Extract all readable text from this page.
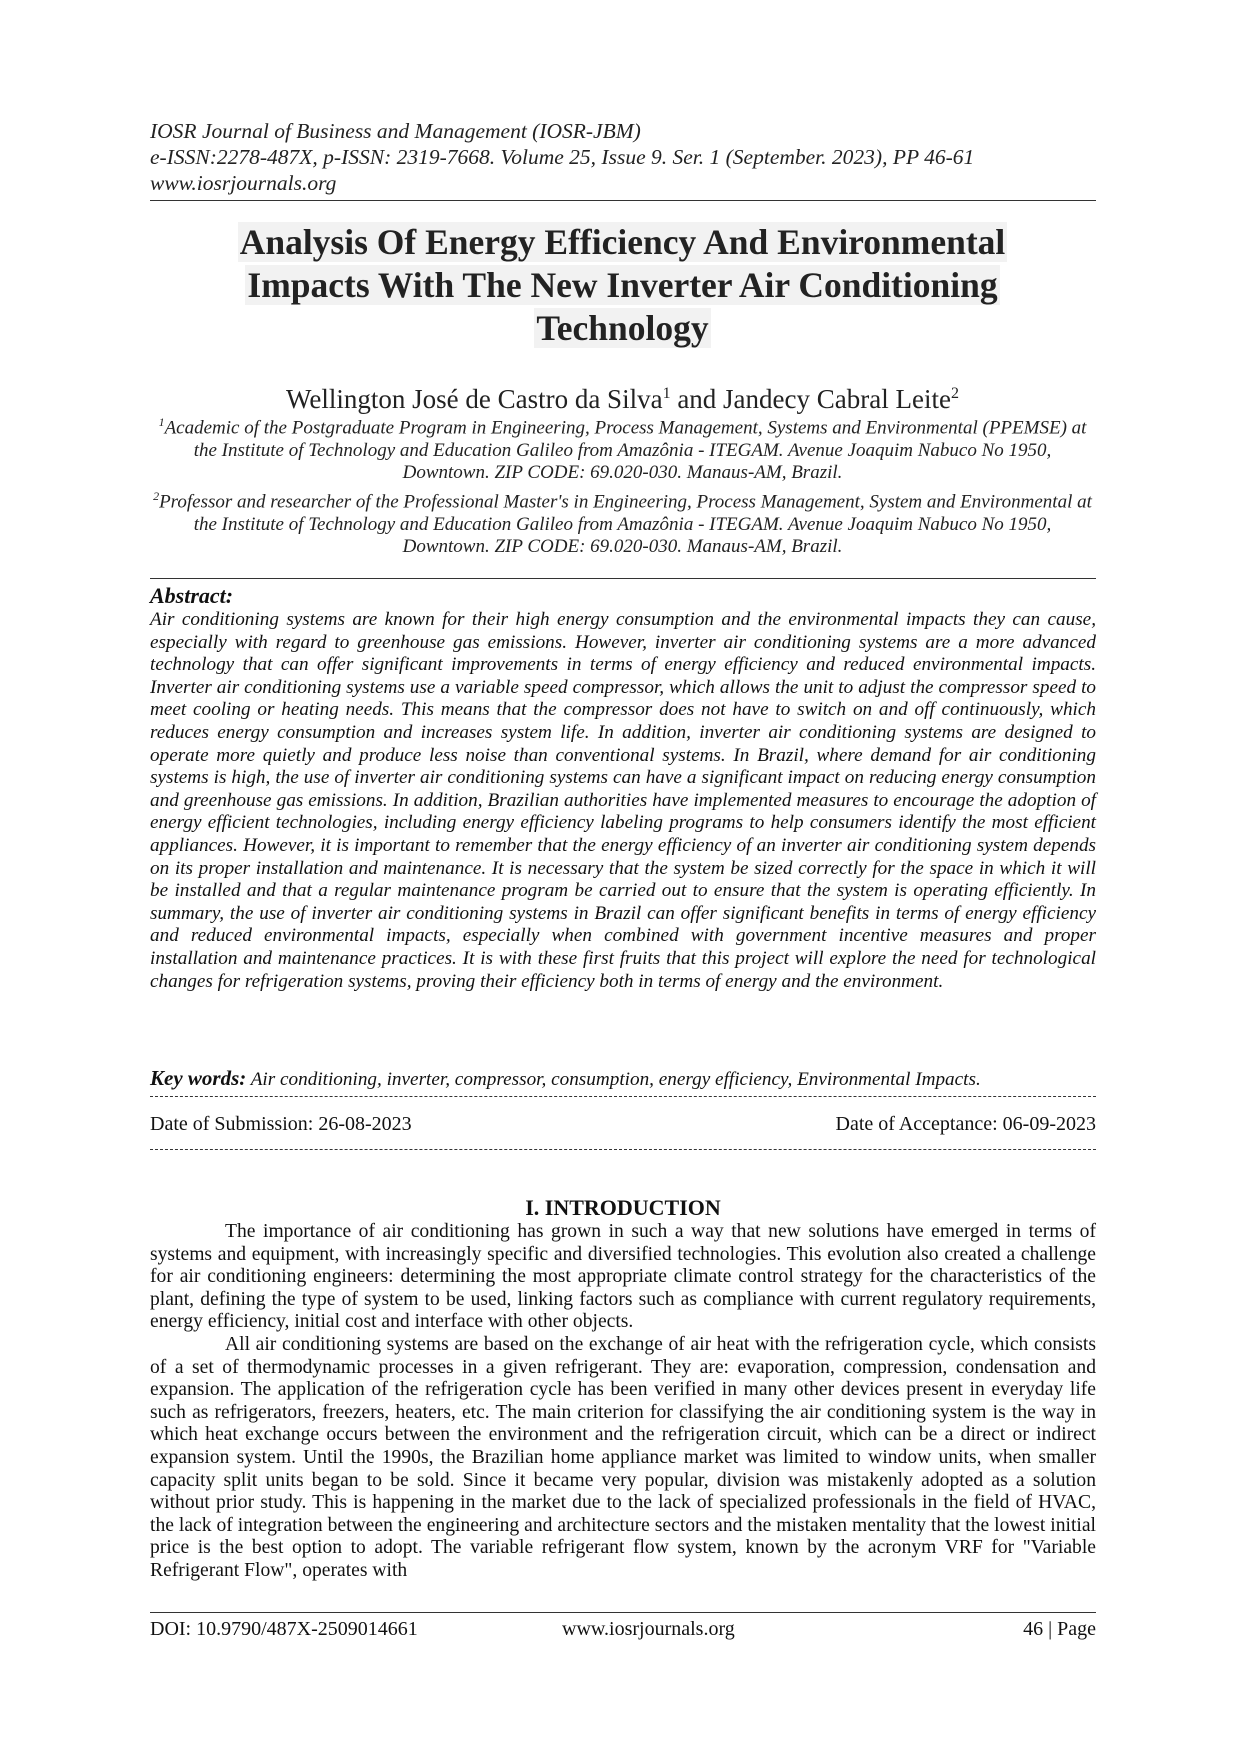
IOSR Journal of Business and Management (IOSR-JBM)
e-ISSN:2278-487X, p-ISSN: 2319-7668. Volume 25, Issue 9. Ser. 1 (September. 2023), PP 46-61
www.iosrjournals.org
Analysis Of Energy Efficiency And Environmental
Impacts With The New Inverter Air Conditioning
Technology
Wellington José de Castro da Silva$^1$ and Jandecy Cabral Leite$^2$

$^1$Academic of the Postgraduate Program in Engineering, Process Management, Systems and Environmental (PPEMSE) at the Institute of Technology and Education Galileo from Amazônia - ITEGAM. Avenue Joaquim Nabuco No 1950, Downtown. ZIP CODE: 69.020-030. Manaus-AM, Brazil.

$^2$Professor and researcher of the Professional Master's in Engineering, Process Management, System and Environmental at the Institute of Technology and Education Galileo from Amazônia - ITEGAM. Avenue Joaquim Nabuco No 1950, Downtown. ZIP CODE: 69.020-030. Manaus-AM, Brazil.

Abstract:
Air conditioning systems are known for their high energy consumption and the environmental impacts they can cause, especially with regard to greenhouse gas emissions. However, inverter air conditioning systems are a more advanced technology that can offer significant improvements in terms of energy efficiency and reduced environmental impacts. Inverter air conditioning systems use a variable speed compressor, which allows the unit to adjust the compressor speed to meet cooling or heating needs. This means that the compressor does not have to switch on and off continuously, which reduces energy consumption and increases system life. In addition, inverter air conditioning systems are designed to operate more quietly and produce less noise than conventional systems. In Brazil, where demand for air conditioning systems is high, the use of inverter air conditioning systems can have a significant impact on reducing energy consumption and greenhouse gas emissions. In addition, Brazilian authorities have implemented measures to encourage the adoption of energy efficient technologies, including energy efficiency labeling programs to help consumers identify the most efficient appliances. However, it is important to remember that the energy efficiency of an inverter air conditioning system depends on its proper installation and maintenance. It is necessary that the system be sized correctly for the space in which it will be installed and that a regular maintenance program be carried out to ensure that the system is operating efficiently. In summary, the use of inverter air conditioning systems in Brazil can offer significant benefits in terms of energy efficiency and reduced environmental impacts, especially when combined with government incentive measures and proper installation and maintenance practices. It is with these first fruits that this project will explore the need for technological changes for refrigeration systems, proving their efficiency both in terms of energy and the environment.
Key words: Air conditioning, inverter, compressor, consumption, energy efficiency, Environmental Impacts.
Date of Submission: 26-08-2023	Date of Acceptance: 06-09-2023
I. INTRODUCTION

The importance of air conditioning has grown in such a way that new solutions have emerged in terms of systems and equipment, with increasingly specific and diversified technologies. This evolution also created a challenge for air conditioning engineers: determining the most appropriate climate control strategy for the characteristics of the plant, defining the type of system to be used, linking factors such as compliance with current regulatory requirements, energy efficiency, initial cost and interface with other objects.

All air conditioning systems are based on the exchange of air heat with the refrigeration cycle, which consists of a set of thermodynamic processes in a given refrigerant. They are: evaporation, compression, condensation and expansion. The application of the refrigeration cycle has been verified in many other devices present in everyday life such as refrigerators, freezers, heaters, etc. The main criterion for classifying the air conditioning system is the way in which heat exchange occurs between the environment and the refrigeration circuit, which can be a direct or indirect expansion system. Until the 1990s, the Brazilian home appliance market was limited to window units, when smaller capacity split units began to be sold. Since it became very popular, division was mistakenly adopted as a solution without prior study. This is happening in the market due to the lack of specialized professionals in the field of HVAC, the lack of integration between the engineering and architecture sectors and the mistaken mentality that the lowest initial price is the best option to adopt. The variable refrigerant flow system, known by the acronym VRF for "Variable Refrigerant Flow", operates with

DOI: 10.9790/487X-2509014661	www.iosrjournals.org	46 | Page
